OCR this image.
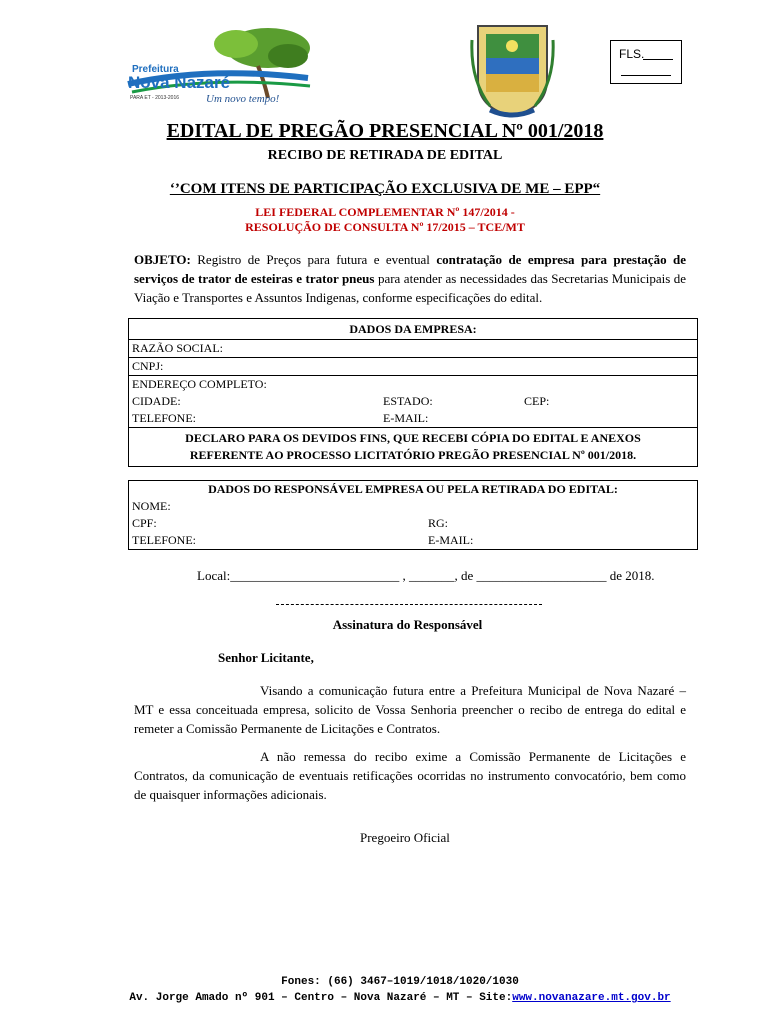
Prefeitura
Nova Nazaré
Um novo tempo!
PARA ET - 2013-2016
FLS.
EDITAL DE PREGÃO PRESENCIAL Nº 001/2018
RECIBO DE RETIRADA DE EDITAL
‘’COM ITENS DE PARTICIPAÇÃO EXCLUSIVA DE ME – EPP“
LEI FEDERAL COMPLEMENTAR Nº 147/2014 -
RESOLUÇÃO DE CONSULTA Nº 17/2015 – TCE/MT
OBJETO: Registro de Preços para futura e eventual contratação de empresa para prestação de serviços de trator de esteiras e trator pneus para atender as necessidades das Secretarias Municipais de Viação e Transportes e Assuntos Indigenas, conforme especificações do edital.
DADOS DA EMPRESA:		
RAZÃO SOCIAL:		
CNPJ:		
ENDEREÇO COMPLETO:		
CIDADE:	ESTADO:	CEP:
TELEFONE:	E-MAIL:	

DECLARO PARA OS DEVIDOS FINS, QUE RECEBI CÓPIA DO EDITAL E ANEXOS
REFERENTE AO PROCESSO LICITATÓRIO PREGÃO PRESENCIAL Nº 001/2018.		
DADOS DO RESPONSÁVEL EMPRESA OU PELA RETIRADA DO EDITAL:	
NOME:	
CPF:	RG:
TELEFONE:	E-MAIL:
Local:__________________________ , _______, de ____________________ de 2018.
Assinatura do Responsável
Senhor Licitante,
Visando a comunicação futura entre a Prefeitura Municipal de Nova Nazaré – MT e essa conceituada empresa, solicito de Vossa Senhoria preencher o recibo de entrega do edital e remeter a Comissão Permanente de Licitações e Contratos.
A não remessa do recibo exime a Comissão Permanente de Licitações e Contratos, da comunicação de eventuais retificações ocorridas no instrumento convocatório, bem como de quaisquer informações adicionais.
Pregoeiro Oficial
Fones: (66) 3467–1019/1018/1020/1030
Av. Jorge Amado nº 901 – Centro – Nova Nazaré – MT – Site:www.novanazare.mt.gov.br
